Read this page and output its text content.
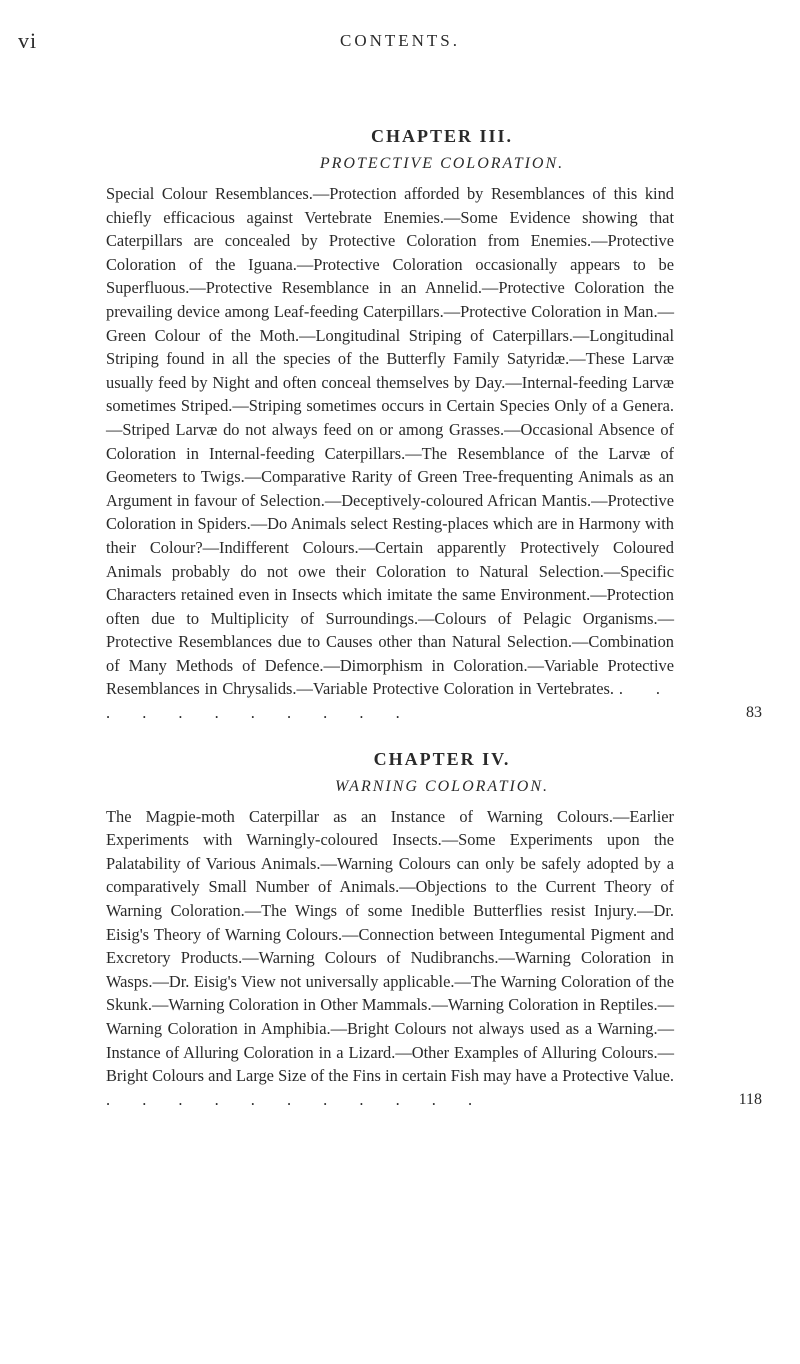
vi	CONTENTS.
CHAPTER III.
PROTECTIVE COLORATION.

Special Colour Resemblances.—Protection afforded by Resemblances of this kind chiefly efficacious against Vertebrate Enemies.—Some Evidence showing that Caterpillars are concealed by Protective Coloration from Enemies.—Protective Coloration of the Iguana.—Protective Coloration occasionally appears to be Superfluous.—Protective Resemblance in an Annelid.—Protective Coloration the prevailing device among Leaf-feeding Caterpillars.—Protective Coloration in Man.—Green Colour of the Moth.—Longitudinal Striping of Caterpillars.—Longitudinal Striping found in all the species of the Butterfly Family Satyridæ.—These Larvæ usually feed by Night and often conceal themselves by Day.—Internal-feeding Larvæ sometimes Striped.—Striping sometimes occurs in Certain Species Only of a Genera.—Striped Larvæ do not always feed on or among Grasses.—Occasional Absence of Coloration in Internal-feeding Caterpillars.—The Resemblance of the Larvæ of Geometers to Twigs.—Comparative Rarity of Green Tree-frequenting Animals as an Argument in favour of Selection.—Deceptively-coloured African Mantis.—Protective Coloration in Spiders.—Do Animals select Resting-places which are in Harmony with their Colour?—Indifferent Colours.—Certain apparently Protectively Coloured Animals probably do not owe their Coloration to Natural Selection.—Specific Characters retained even in Insects which imitate the same Environment.—Protection often due to Multiplicity of Surroundings.—Colours of Pelagic Organisms.—Protective Resemblances due to Causes other than Natural Selection.—Combination of Many Methods of Defence.—Dimorphism in Coloration.—Variable Protective Resemblances in Chrysalids.—Variable Protective Coloration in Vertebrates. . . . . . . . . . . .	83

CHAPTER IV.
WARNING COLORATION.

The Magpie-moth Caterpillar as an Instance of Warning Colours.—Earlier Experiments with Warningly-coloured Insects.—Some Experiments upon the Palatability of Various Animals.—Warning Colours can only be safely adopted by a comparatively Small Number of Animals.—Objections to the Current Theory of Warning Coloration.—The Wings of some Inedible Butterflies resist Injury.—Dr. Eisig's Theory of Warning Colours.—Connection between Integumental Pigment and Excretory Products.—Warning Colours of Nudibranchs.—Warning Coloration in Wasps.—Dr. Eisig's View not universally applicable.—The Warning Coloration of the Skunk.—Warning Coloration in Other Mammals.—Warning Coloration in Reptiles.—Warning Coloration in Amphibia.—Bright Colours not always used as a Warning.—Instance of Alluring Coloration in a Lizard.—Other Examples of Alluring Colours.—Bright Colours and Large Size of the Fins in certain Fish may have a Protective Value. . . . . . . . . . . .	118
